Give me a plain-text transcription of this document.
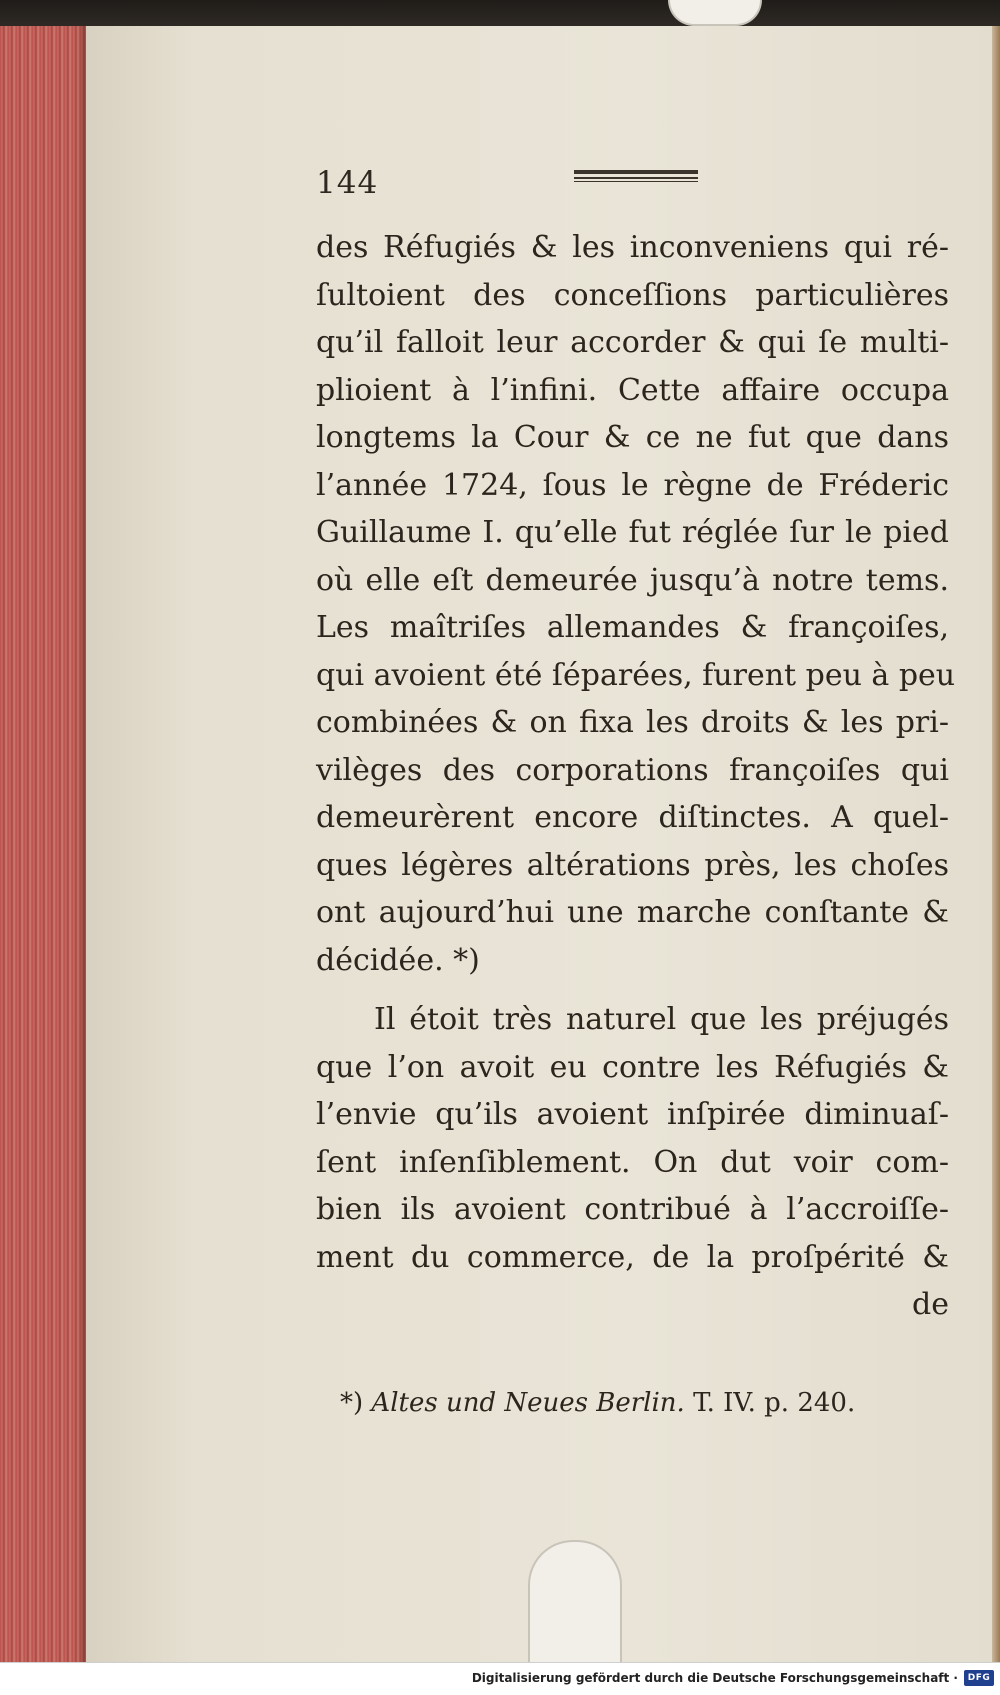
144
des Réfugiés & les inconveniens qui ré-
ſultoient des conceſſions particulières
qu’il falloit leur accorder & qui ſe multi-
plioient à l’infini. Cette affaire occupa
longtems la Cour & ce ne fut que dans
l’année 1724, ſous le règne de Fréderic
Guillaume I. qu’elle fut réglée ſur le pied
où elle eſt demeurée jusqu’à notre tems.
Les maîtriſes allemandes & françoiſes,
qui avoient été ſéparées, furent peu à peu
combinées & on fixa les droits & les pri-
vilèges des corporations françoiſes qui
demeurèrent encore diſtinctes. A quel-
ques légères altérations près, les choſes
ont aujourd’hui une marche conſtante &
décidée. *)
Il étoit très naturel que les préjugés
que l’on avoit eu contre les Réfugiés &
l’envie qu’ils avoient inſpirée diminuaſ-
ſent inſenſiblement. On dut voir com-
bien ils avoient contribué à l’accroiſſe-
ment du commerce, de la proſpérité &
de
*) Altes und Neues Berlin. T. IV. p. 240.
Digitalisierung gefördert durch die Deutsche Forschungsgemeinschaft ·	DFG
